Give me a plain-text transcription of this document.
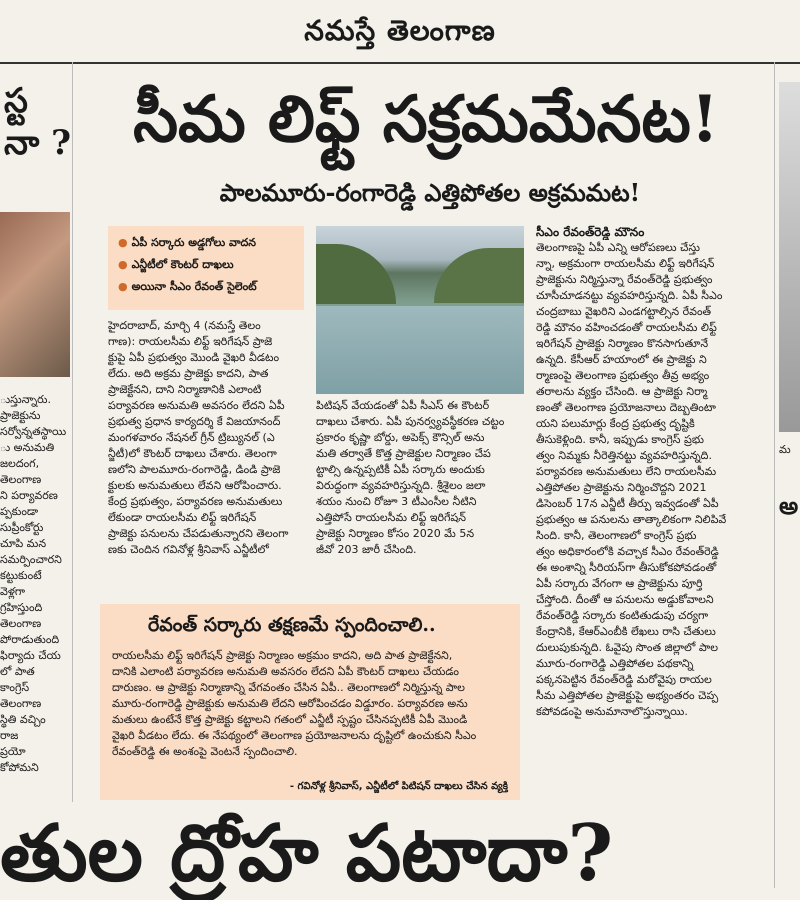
నమస్తే తెలంగాణ
స్ట
నా ?
ుస్తున్నారు.
ప్రాజెక్టును
సర్వోన్నతస్థాయి
ు అనుమతి
జలదంగ,
తెలంగాణ
ని పర్యావరణ
ప్పకుండా
సుప్రీంకోర్టు
చూపి మన
సమర్పించారని
కట్టుకుంటే
వెళ్లగా
గ్రహిస్తుంది
తెలంగాణ
పోరాడుతుంది
ఫిర్యాదు చేయ
లో పాత
కాంగ్రెస్
తెలంగాణ
స్థితి వచ్చిం
రాజ
ప్రయో
కోపోమని
సీమ లిఫ్ట్ సక్రమమేనట!
పాలమూరు-రంగారెడ్డి ఎత్తిపోతల అక్రమమట!
● ఏపీ సర్కారు అడ్డగోలు వాదన
● ఎన్జీటీలో కౌంటర్ దాఖలు
● అయినా సీఎం రేవంత్ సైలెంట్
హైదరాబాద్, మార్చి 4 (నమస్తే తెలం
గాణ): రాయలసీమ లిఫ్ట్ ఇరిగేషన్ ప్రాజె
క్టుపై ఏపీ ప్రభుత్వం మొండి వైఖరి వీడటం
లేదు. అది అక్రమ ప్రాజెక్టు కాదని, పాత
ప్రాజెక్టేనని, దాని నిర్మాణానికి ఎలాంటి
పర్యావరణ అనుమతి అవసరం లేదని ఏపీ
ప్రభుత్వ ప్రధాన కార్యదర్శి కే విజయానంద్
మంగళవారం నేషనల్ గ్రీన్ ట్రిబ్యునల్ (ఎ
న్జీటీ)లో కౌంటర్ దాఖలు చేశారు. తెలంగా
ణలోని పాలమూరు-రంగారెడ్డి, డిండి ప్రాజె
క్టులకు అనుమతులు లేవని ఆరోపించారు.
కేంద్ర ప్రభుత్వం, పర్యావరణ అనుమతులు
లేకుండా రాయలసీమ లిఫ్ట్ ఇరిగేషన్
ప్రాజెక్టు పనులను చేపడుతున్నారని తెలంగా
ణకు చెందిన గవినోళ్ల శ్రీనివాస్ ఎన్జీటీలో
పిటిషన్ వేయడంతో ఏపీ సీఎస్ ఈ కౌంటర్
దాఖలు చేశారు. ఏపీ పునర్వ్యవస్థీకరణ చట్టం
ప్రకారం కృష్ణా బోర్డు, అపెక్స్ కౌన్సిల్ అను
మతి తర్వాతే కొత్త ప్రాజెక్టుల నిర్మాణం చేప
ట్టాల్సి ఉన్నప్పటికీ ఏపీ సర్కారు అందుకు
విరుద్ధంగా వ్యవహరిస్తున్నది. శ్రీశైలం జలా
శయం నుంచి రోజూ 3 టీఎంసీల నీటిని
ఎత్తిపోసే రాయలసీమ లిఫ్ట్ ఇరిగేషన్
ప్రాజెక్టు నిర్మాణం కోసం 2020 మే 5న
జీవో 203 జారీ చేసింది.
సీఎం రేవంత్‌రెడ్డి మౌనం
తెలంగాణపై ఏపీ ఎన్ని ఆరోపణలు చేస్తు
న్నా, అక్రమంగా రాయలసీమ లిఫ్ట్ ఇరిగేషన్
ప్రాజెక్టును నిర్మిస్తున్నా రేవంత్‌రెడ్డి ప్రభుత్వం
చూసీచూడనట్టు వ్యవహరిస్తున్నది. ఏపీ సీఎం
చంద్రబాబు వైఖరిని ఎండగట్టాల్సిన రేవంత్
రెడ్డి మౌనం వహించడంతో రాయలసీమ లిఫ్ట్
ఇరిగేషన్ ప్రాజెక్టు నిర్మాణం కొనసాగుతూనే
ఉన్నది. కేసీఆర్ హయాంలో ఈ ప్రాజెక్టు ని
ర్మాణంపై తెలంగాణ ప్రభుత్వం తీవ్ర అభ్యం
తరాలను వ్యక్తం చేసింది. ఆ ప్రాజెక్టు నిర్మా
ణంతో తెలంగాణ ప్రయోజనాలు దెబ్బతింటా
యని పలుమార్లు కేంద్ర ప్రభుత్వ దృష్టికి
తీసుకెళ్లింది. కానీ, ఇప్పుడు కాంగ్రెస్ ప్రభు
త్వం నిమ్మకు నీరెత్తినట్టు వ్యవహరిస్తున్నది.
పర్యావరణ అనుమతులు లేని రాయలసీమ
ఎత్తిపోతల ప్రాజెక్టును నిర్మించొద్దని 2021
డిసెంబర్ 17న ఎన్జీటీ తీర్పు ఇవ్వడంతో ఏపీ
ప్రభుత్వం ఆ పనులను తాత్కాలికంగా నిలిపివే
సింది. కానీ, తెలంగాణలో కాంగ్రెస్ ప్రభు
త్వం అధికారంలోకి వచ్చాక సీఎం రేవంత్‌రెడ్డి
ఈ అంశాన్ని సీరియస్‌గా తీసుకోకపోవడంతో
ఏపీ సర్కారు వేగంగా ఆ ప్రాజెక్టును పూర్తి
చేస్తోంది. దీంతో ఆ పనులను అడ్డుకోవాలని
రేవంత్‌రెడ్డి సర్కారు కంటితుడుపు చర్యగా
కేంద్రానికి, కేఆర్‌ఎంబీకి లేఖలు రాసి చేతులు
దులుపుకున్నది. ఓవైపు సొంత జిల్లాలో పాల
మూరు-రంగారెడ్డి ఎత్తిపోతల పథకాన్ని
పక్కనపెట్టిన రేవంత్‌రెడ్డి మరోవైపు రాయల
సీమ ఎత్తిపోతల ప్రాజెక్టుపై అభ్యంతరం చెప్ప
కపోవడంపై అనుమానాలొస్తున్నాయి.
రేవంత్ సర్కారు తక్షణమే స్పందించాలి..
రాయలసీమ లిఫ్ట్ ఇరిగేషన్ ప్రాజెక్టు నిర్మాణం అక్రమం కాదని, అది పాత ప్రాజెక్టేనని,
దానికి ఎలాంటి పర్యావరణ అనుమతి అవసరం లేదని ఏపీ కౌంటర్ దాఖలు చేయడం
దారుణం. ఆ ప్రాజెక్టు నిర్మాణాన్ని వేగవంతం చేసిన ఏపీ.. తెలంగాణలో నిర్మిస్తున్న పాల
మూరు-రంగారెడ్డి ప్రాజెక్టుకు అనుమతి లేదని ఆరోపించడం విడ్డూరం. పర్యావరణ అను
మతులు ఉంటేనే కొత్త ప్రాజెక్టు కట్టాలని గతంలో ఎన్జీటీ స్పష్టం చేసినప్పటికీ ఏపీ మొండి
వైఖరి వీడటం లేదు. ఈ నేపథ్యంలో తెలంగాణ ప్రయోజనాలను దృష్టిలో ఉంచుకుని సీఎం
రేవంత్‌రెడ్డి ఈ అంశంపై వెంటనే స్పందించాలి.
- గవినోళ్ల శ్రీనివాస్, ఎన్జీటీలో పిటిషన్ దాఖలు చేసిన వ్యక్తి
మ
అ
తుల ద్రోహ పటాదా?
